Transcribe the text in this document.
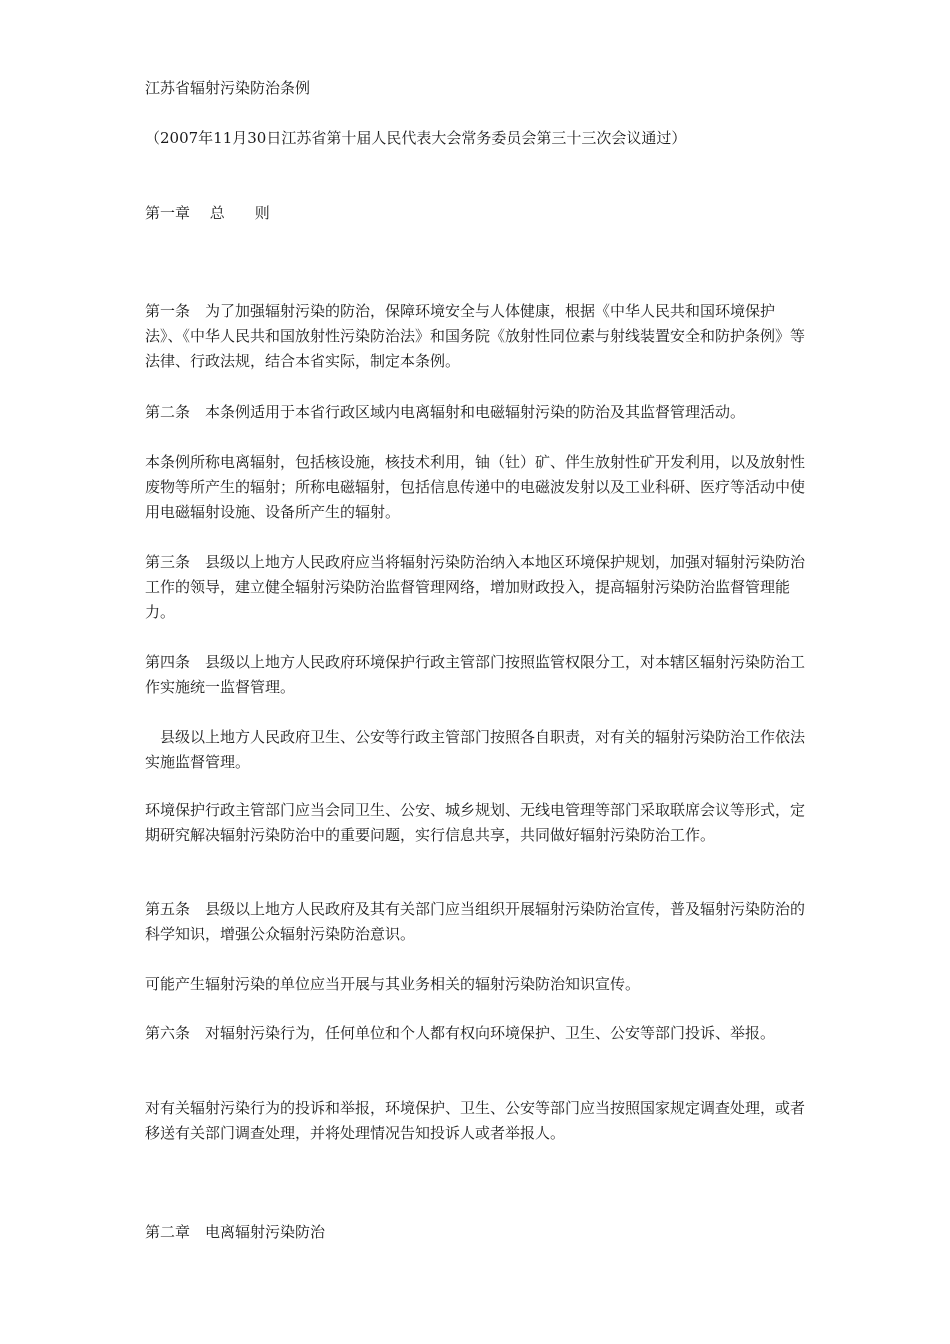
江苏省辐射污染防治条例
（2007年11月30日江苏省第十届人民代表大会常务委员会第三十三次会议通过）
第一章　 总　　则
第一条　为了加强辐射污染的防治，保障环境安全与人体健康，根据《中华人民共和国环境保护法》、《中华人民共和国放射性污染防治法》和国务院《放射性同位素与射线装置安全和防护条例》等法律、行政法规，结合本省实际，制定本条例。
第二条　本条例适用于本省行政区域内电离辐射和电磁辐射污染的防治及其监督管理活动。
本条例所称电离辐射，包括核设施，核技术利用，铀（钍）矿、伴生放射性矿开发利用，以及放射性废物等所产生的辐射；所称电磁辐射，包括信息传递中的电磁波发射以及工业科研、医疗等活动中使用电磁辐射设施、设备所产生的辐射。
第三条　县级以上地方人民政府应当将辐射污染防治纳入本地区环境保护规划，加强对辐射污染防治工作的领导，建立健全辐射污染防治监督管理网络，增加财政投入，提高辐射污染防治监督管理能力。
第四条　县级以上地方人民政府环境保护行政主管部门按照监管权限分工，对本辖区辐射污染防治工作实施统一监督管理。
　县级以上地方人民政府卫生、公安等行政主管部门按照各自职责，对有关的辐射污染防治工作依法实施监督管理。
环境保护行政主管部门应当会同卫生、公安、城乡规划、无线电管理等部门采取联席会议等形式，定期研究解决辐射污染防治中的重要问题，实行信息共享，共同做好辐射污染防治工作。
第五条　县级以上地方人民政府及其有关部门应当组织开展辐射污染防治宣传，普及辐射污染防治的科学知识，增强公众辐射污染防治意识。
可能产生辐射污染的单位应当开展与其业务相关的辐射污染防治知识宣传。
第六条　对辐射污染行为，任何单位和个人都有权向环境保护、卫生、公安等部门投诉、举报。
对有关辐射污染行为的投诉和举报，环境保护、卫生、公安等部门应当按照国家规定调查处理，或者移送有关部门调查处理，并将处理情况告知投诉人或者举报人。
第二章　电离辐射污染防治
